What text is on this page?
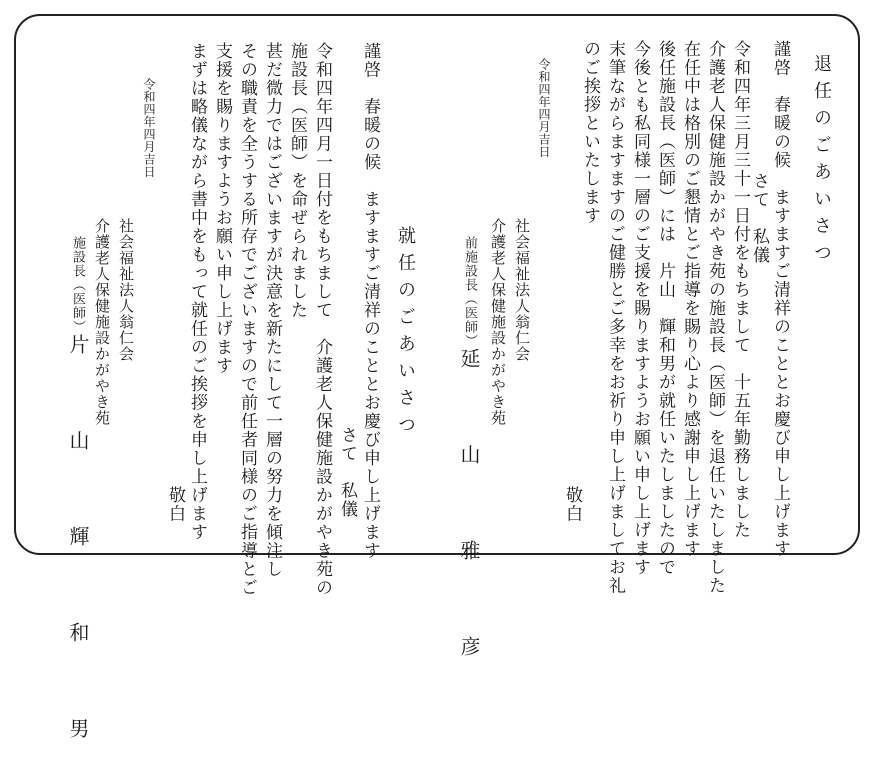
退任のごあいさつ
謹啓　春暖の候　ますますご清祥のこととお慶び申し上げます
さて　私儀
令和四年三月三十一日付をもちまして　十五年勤務しました
介護老人保健施設かがやき苑の施設長（医師）を退任いたしました
在任中は格別のご懇情とご指導を賜り心より感謝申し上げます
後任施設長（医師）には　片山　輝和男が就任いたしましたので
今後とも私同様一層のご支援を賜りますようお願い申し上げます
末筆ながらますますのご健勝とご多幸をお祈り申し上げましてお礼
のご挨拶といたします
敬白
令和四年四月吉日
社会福祉法人翁仁会
介護老人保健施設かがやき苑
前施設長（医師）
延　山　雅　彦
就任のごあいさつ
謹啓　春暖の候　ますますご清祥のこととお慶び申し上げます
さて　私儀
令和四年四月一日付をもちまして　介護老人保健施設かがやき苑の
施設長（医師）を命ぜられました
甚だ微力ではございますが決意を新たにして一層の努力を傾注し
その職責を全うする所存でございますので前任者同様のご指導とご
支援を賜りますようお願い申し上げます
まずは略儀ながら書中をもって就任のご挨拶を申し上げます
敬白
令和四年四月吉日
社会福祉法人翁仁会
介護老人保健施設かがやき苑
施設長（医師）
片　山　輝　和　男
